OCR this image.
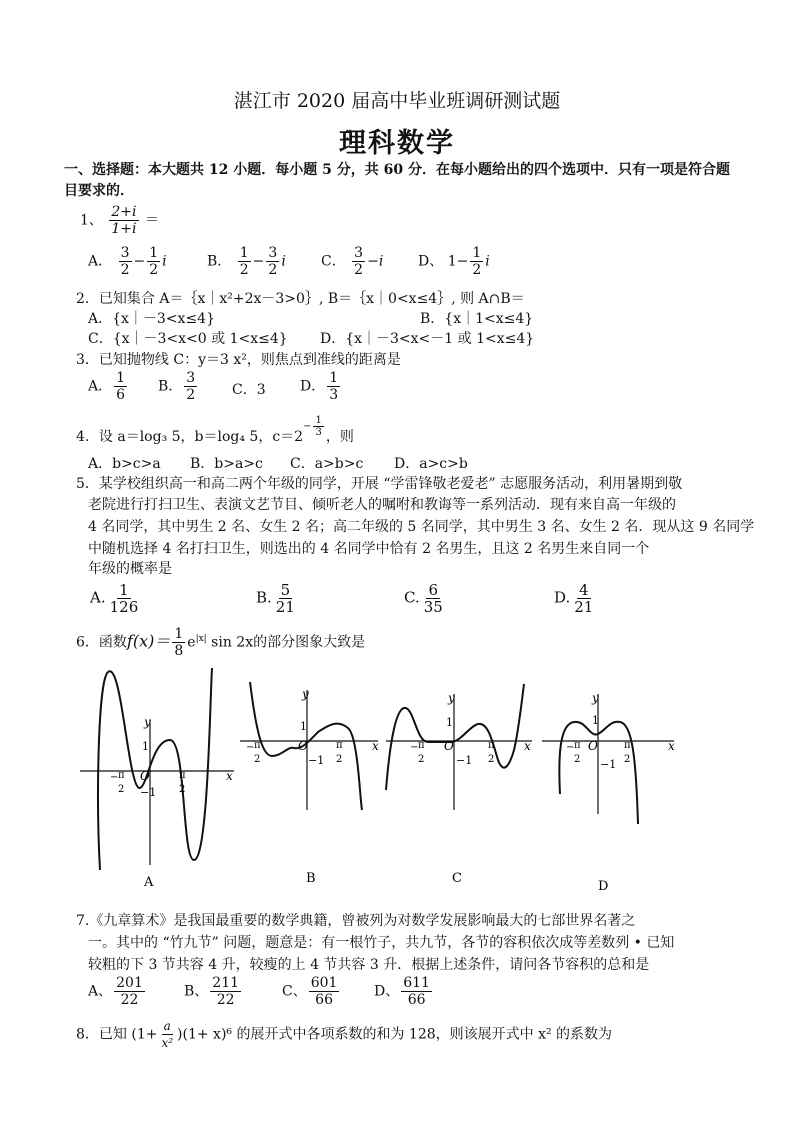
湛江市 2020 届高中毕业班调研测试题
理科数学
一、选择题：本大题共 12 小题．每小题 5 分，共 60 分．在每小题给出的四个选项中．只有一项是符合题目要求的．
1、 $\frac{2+i}{1+i}$ ＝
A． $\frac{3}{2} - \frac{1}{2}$ i	B． $\frac{1}{2} - \frac{3}{2}$ i	C． $\frac{3}{2} -i$ D、 $1- \frac{1}{2}$ i
2．已知集合 A＝｛x｜x²+2x－3>0｝, B＝｛x｜0<x≤4｝, 则 A∩B＝
A．{x｜－3<x≤4}	B．{x｜1<x≤4}
C．{x｜－3<x<0 或 1<x≤4} D．{x｜－3<x<－1 或 1<x≤4}
3．已知抛物线 C：y＝3 x²，则焦点到准线的距离是
A． $\frac{1}{6}$ B． $\frac{3}{2}$ C．3 D． $\frac{1}{3}$
4．设 a＝log₃ 5，b＝log₄ 5，c＝2
− $\frac{1}{3}$ ，则
A．b>c>a B．b>a>c C．a>b>c D．a>c>b
5．某学校组织高一和高二两个年级的同学，开展 “学雷锋敬老爱老” 志愿服务活动，利用暑期到敬
老院进行打扫卫生、表演文艺节目、倾听老人的嘱咐和教诲等一系列活动．现有来自高一年级的
4 名同学，其中男生 2 名、女生 2 名；高二年级的 5 名同学，其中男生 3 名、女生 2 名．现从这 9 名同学
中随机选择 4 名打扫卫生，则选出的 4 名同学中恰有 2 名男生，且这 2 名男生来自同一个
年级的概率是
A. $\frac{1}{126}$	B. $\frac{5}{21}$	C. $\frac{6}{35}$	D. $\frac{4}{21}$
6．函数$f(x)= \frac{1}{8} e^{|x|}$ sin 2x的部分图象大致是
y
x
O
1
−1
− π
2
π
2
A
y
x
O
1
−1
− π
2
π
2
B
y
x
O
1
−1
− π
2
π
2
C
y
x
O
1
−1
− π
2
π
2
D
7.《九章算术》是我国最重要的数学典籍，曾被列为对数学发展影响最大的七部世界名著之
一。其中的 “竹九节” 问题，题意是：有一根竹子，共九节，各节的容积依次成等差数列 • 已知
较粗的下 3 节共容 4 升，较瘦的上 4 节共容 3 升．根据上述条件，请问各节容积的总和是
A、 $\frac{201}{22}$	B、 $\frac{211}{22}$	C、 $\frac{601}{66}$ D、 $\frac{611}{66}$
8．已知 $(1+ \frac{a}{\text{x²}} )(1+ x)^6$ 的展开式中各项系数的和为 128，则该展开式中 x² 的系数为
